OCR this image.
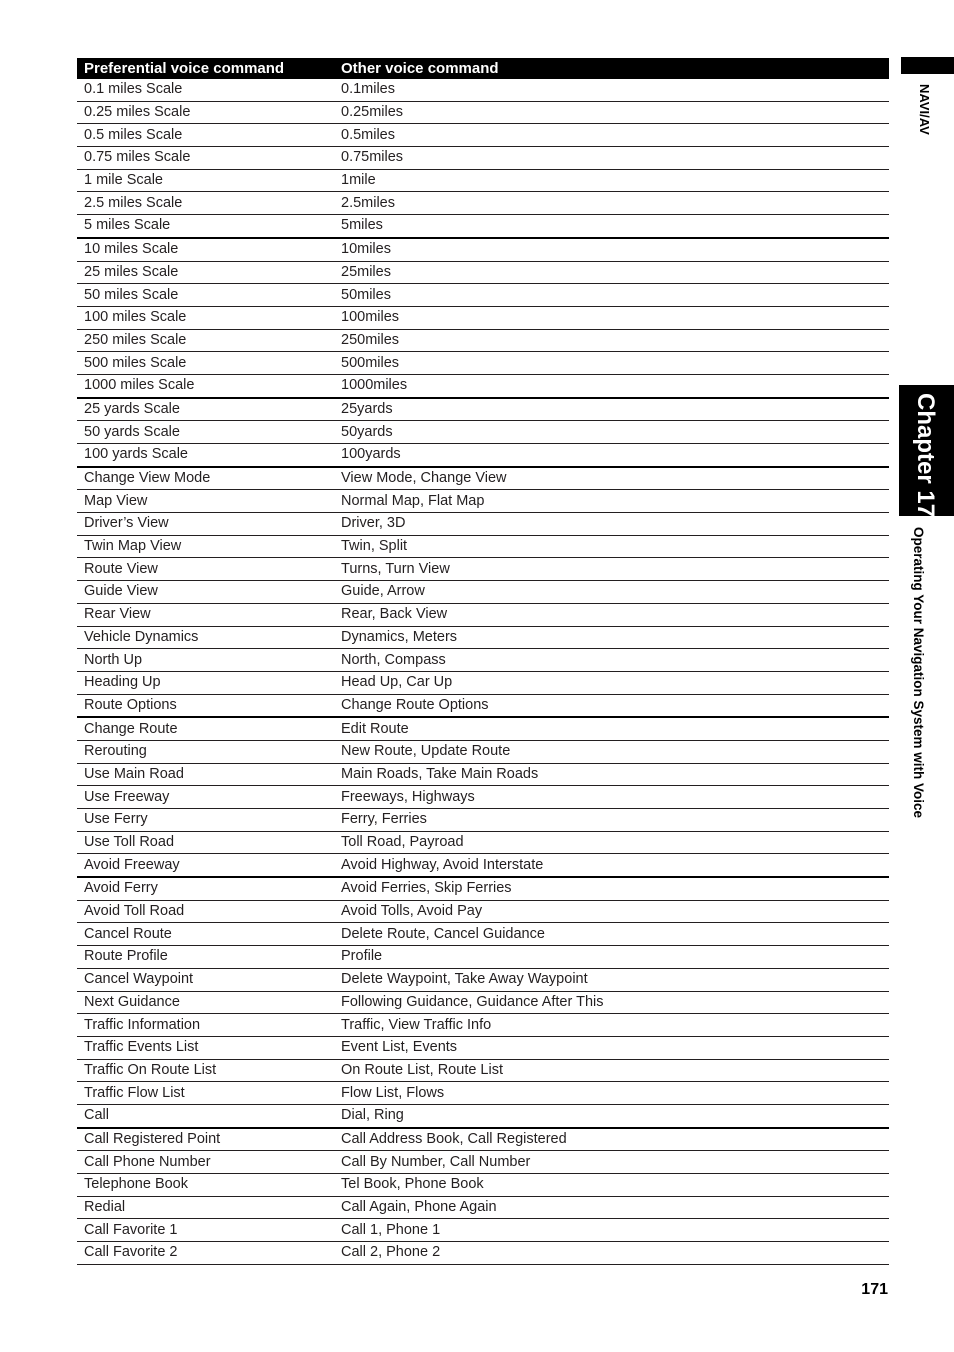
NAVI/AV
Chapter 17
Operating Your Navigation System with Voice
Preferential voice command	Other voice command
0.1 miles Scale	0.1miles
0.25 miles Scale	0.25miles
0.5 miles Scale	0.5miles
0.75 miles Scale	0.75miles
1 mile Scale	1mile
2.5 miles Scale	2.5miles
5 miles Scale	5miles
10 miles Scale	10miles
25 miles Scale	25miles
50 miles Scale	50miles
100 miles Scale	100miles
250 miles Scale	250miles
500 miles Scale	500miles
1000 miles Scale	1000miles
25 yards Scale	25yards
50 yards Scale	50yards
100 yards Scale	100yards
Change View Mode	View Mode, Change View
Map View	Normal Map, Flat Map
Driver’s View	Driver, 3D
Twin Map View	Twin, Split
Route View	Turns, Turn View
Guide View	Guide, Arrow
Rear View	Rear, Back View
Vehicle Dynamics	Dynamics, Meters
North Up	North, Compass
Heading Up	Head Up, Car Up
Route Options	Change Route Options
Change Route	Edit Route
Rerouting	New Route, Update Route
Use Main Road	Main Roads, Take Main Roads
Use Freeway	Freeways, Highways
Use Ferry	Ferry, Ferries
Use Toll Road	Toll Road, Payroad
Avoid Freeway	Avoid Highway, Avoid Interstate
Avoid Ferry	Avoid Ferries, Skip Ferries
Avoid Toll Road	Avoid Tolls, Avoid Pay
Cancel Route	Delete Route, Cancel Guidance
Route Profile	Profile
Cancel Waypoint	Delete Waypoint, Take Away Waypoint
Next Guidance	Following Guidance, Guidance After This
Traffic Information	Traffic, View Traffic Info
Traffic Events List	Event List, Events
Traffic On Route List	On Route List, Route List
Traffic Flow List	Flow List, Flows
Call	Dial, Ring
Call Registered Point	Call Address Book, Call Registered
Call Phone Number	Call By Number, Call Number
Telephone Book	Tel Book, Phone Book
Redial	Call Again, Phone Again
Call Favorite 1	Call 1, Phone 1
Call Favorite 2	Call 2, Phone 2
171
